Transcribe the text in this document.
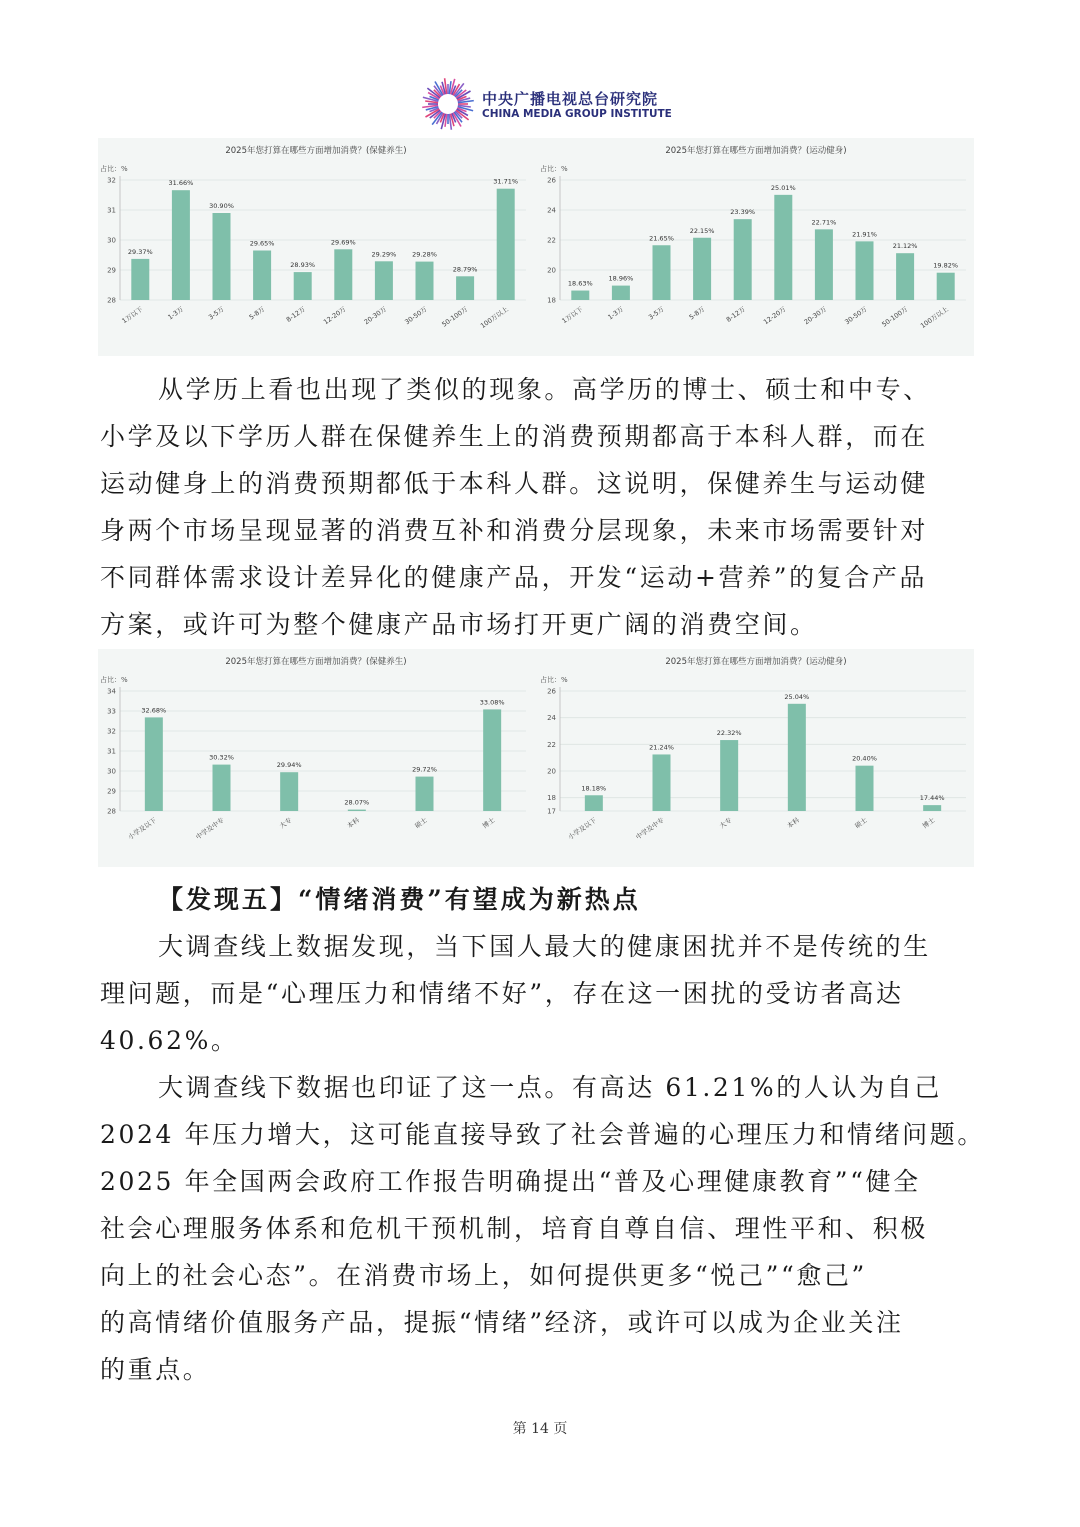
中央广播电视总台研究院
CHINA MEDIA GROUP INSTITUTE
2025年您打算在哪些方面增加消费？(保健养生)
占比：%
28
29
30
31
32
29.37%
1万以下
31.66%
1-3万
30.90%
3-5万
29.65%
5-8万
28.93%
8-12万
29.69%
12-20万
29.29%
20-30万
29.28%
30-50万
28.79%
50-100万
31.71%
100万以上
2025年您打算在哪些方面增加消费？(运动健身)
占比：%
18
20
22
24
26
18.63%
1万以下
18.96%
1-3万
21.65%
3-5万
22.15%
5-8万
23.39%
8-12万
25.01%
12-20万
22.71%
20-30万
21.91%
30-50万
21.12%
50-100万
19.82%
100万以上
从学历上看也出现了类似的现象。高学历的博士、硕士和中专、
小学及以下学历人群在保健养生上的消费预期都高于本科人群，而在
运动健身上的消费预期都低于本科人群。这说明，保健养生与运动健
身两个市场呈现显著的消费互补和消费分层现象，未来市场需要针对
不同群体需求设计差异化的健康产品，开发“运动+营养”的复合产品
方案，或许可为整个健康产品市场打开更广阔的消费空间。
2025年您打算在哪些方面增加消费？(保健养生)
占比：%
28
29
30
31
32
33
34
32.68%
小学及以下
30.32%
中学及中专
29.94%
大专
28.07%
本科
29.72%
硕士
33.08%
博士
2025年您打算在哪些方面增加消费？(运动健身)
占比：%
17
18
20
22
24
26
18.18%
小学及以下
21.24%
中学及中专
22.32%
大专
25.04%
本科
20.40%
硕士
17.44%
博士
【发现五】“情绪消费”有望成为新热点
大调查线上数据发现，当下国人最大的健康困扰并不是传统的生
理问题，而是“心理压力和情绪不好”，存在这一困扰的受访者高达
40.62%。
大调查线下数据也印证了这一点。有高达 61.21%的人认为自己
2024 年压力增大，这可能直接导致了社会普遍的心理压力和情绪问题。
2025 年全国两会政府工作报告明确提出“普及心理健康教育”“健全
社会心理服务体系和危机干预机制，培育自尊自信、理性平和、积极
向上的社会心态”。在消费市场上，如何提供更多“悦己”“愈己”
的高情绪价值服务产品，提振“情绪”经济，或许可以成为企业关注
的重点。
第 14 页
